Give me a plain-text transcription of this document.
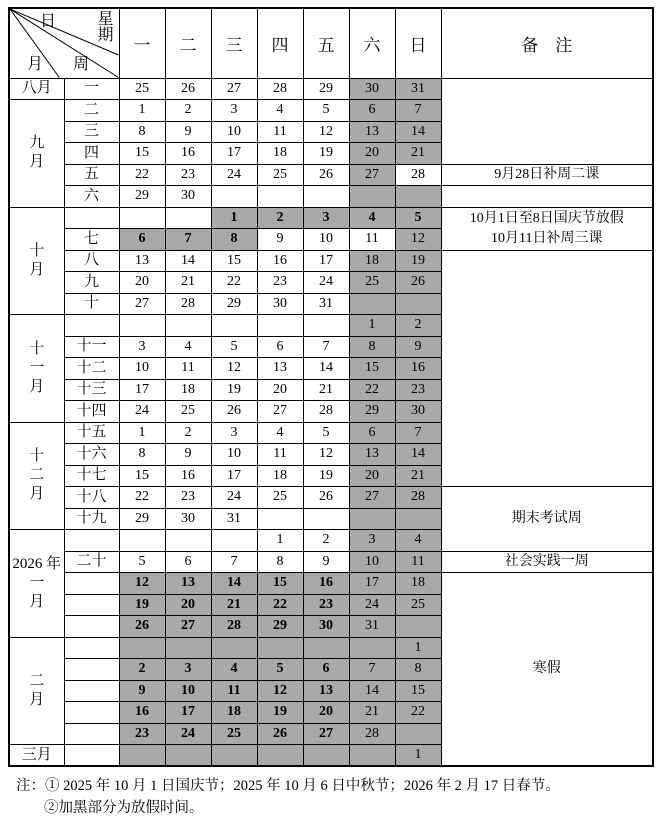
日 星期
月 周		一	二	三	四	五	六	日	备　注

八月	一	25	26	27	28	29	30	31	

九
月	二	1	2	3	4	5	6	7	
	三	8	9	10	11	12	13	14	
	四	15	16	17	18	19	20	21	
	五	22	23	24	25	26	27	28	9月28日补周二课

	六	29	30						

十
月
				1	2	3	4	5	10月1日至8日国庆节放假
10月11日补周三课

	七	6	7	8	9	10	11	12	
	八	13	14	15	16	17	18	19	
	九	20	21	22	23	24	25	26	
	十	27	28	29	30	31			

十
一
月							1	2	
	十一	3	4	5	6	7	8	9	
	十二	10	11	12	13	14	15	16	
	十三	17	18	19	20	21	22	23	
	十四	24	25	26	27	28	29	30	

十
二
月	十五	1	2	3	4	5	6	7	
	十六	8	9	10	11	12	13	14	
	十七	15	16	17	18	19	20	21	
	十八	22	23	24	25	26	27	28	期末考试周

	十九	29	30	31					

2026 年
一
月					1	2	3	4	
	二十	5	6	7	8	9	10	11	社会实践一周

		12	13	14	15	16	17	18	寒假

		19	20	21	22	23	24	25	
		26	27	28	29	30	31		

二
月								1	
		2	3	4	5	6	7	8	
		9	10	11	12	13	14	15	
		16	17	18	19	20	21	22	
		23	24	25	26	27	28		

三月								1	
注：① 2025 年 10 月 1 日国庆节；2025 年 10 月 6 日中秋节；2026 年 2 月 17 日春节。
②加黑部分为放假时间。
